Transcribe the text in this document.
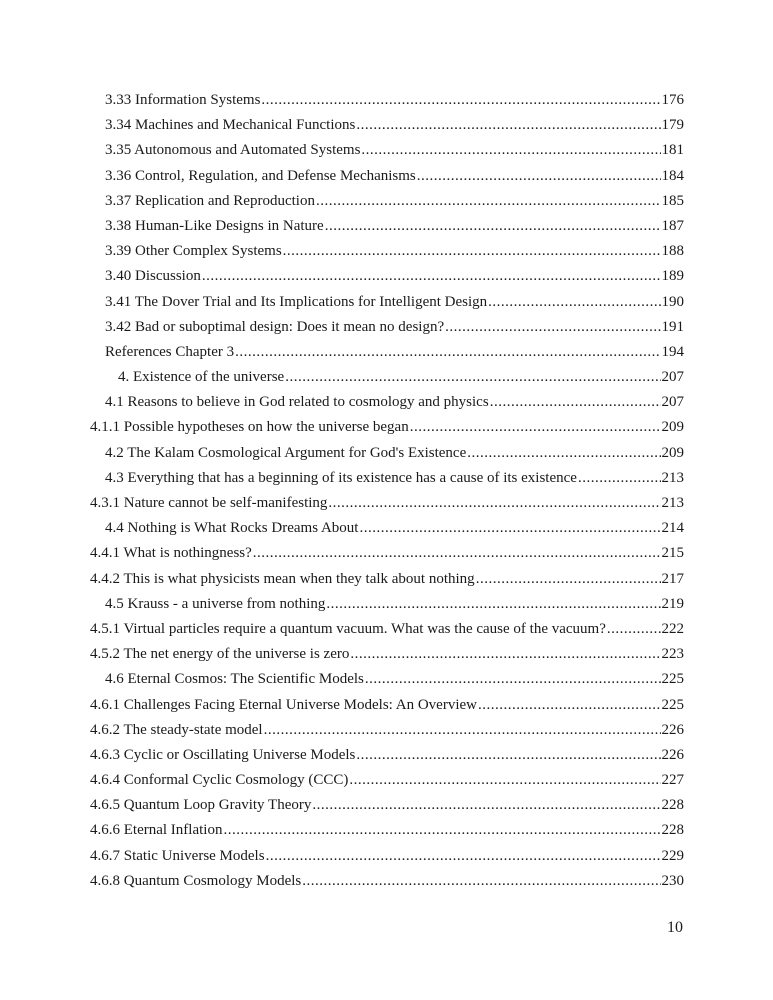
3.33 Information Systems .....	176
3.34 Machines and Mechanical Functions .....	179
3.35 Autonomous and Automated Systems .....	181
3.36 Control, Regulation, and Defense Mechanisms .....	184
3.37 Replication and Reproduction .....	185
3.38 Human-Like Designs in Nature .....	187
3.39 Other Complex Systems .....	188
3.40 Discussion .....	189
3.41 The Dover Trial and Its Implications for Intelligent Design .....	190
3.42 Bad or suboptimal design: Does it mean no design? .....	191
References Chapter 3 .....	194
4. Existence of the universe .....	207
4.1 Reasons to believe in God related to cosmology and physics .....	207
4.1.1 Possible hypotheses on how the universe began .....	209
4.2 The Kalam Cosmological Argument for God's Existence .....	209
4.3 Everything that has a beginning of its existence has a cause of its existence .....	213
4.3.1 Nature cannot be self-manifesting .....	213
4.4 Nothing is What Rocks Dreams About .....	214
4.4.1 What is nothingness? .....	215
4.4.2 This is what physicists mean when they talk about nothing .....	217
4.5 Krauss - a universe from nothing .....	219
4.5.1 Virtual particles require a quantum vacuum. What was the cause of the vacuum? .....	222
4.5.2 The net energy of the universe is zero .....	223
4.6 Eternal Cosmos: The Scientific Models .....	225
4.6.1 Challenges Facing Eternal Universe Models: An Overview .....	225
4.6.2 The steady-state model .....	226
4.6.3 Cyclic or Oscillating Universe Models .....	226
4.6.4 Conformal Cyclic Cosmology (CCC) .....	227
4.6.5 Quantum Loop Gravity Theory .....	228
4.6.6 Eternal Inflation .....	228
4.6.7 Static Universe Models .....	229
4.6.8 Quantum Cosmology Models .....	230
10
